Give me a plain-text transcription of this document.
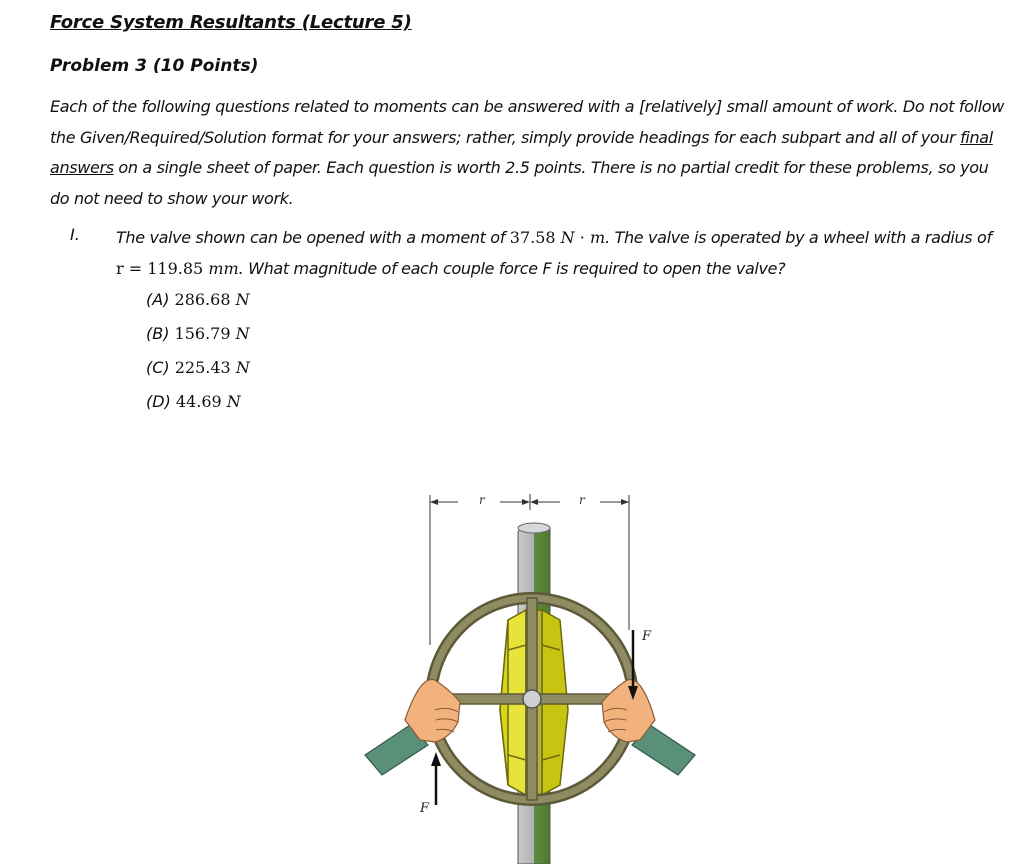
Force System Resultants (Lecture 5)
Problem 3 (10 Points)

Each of the following questions related to moments can be answered with a [relatively] small amount of work. Do not follow the Given/Required/Solution format for your answers; rather, simply provide headings for each subpart and all of your final answers on a single sheet of paper. Each question is worth 2.5 points. There is no partial credit for these problems, so you do not need to show your work.

I. The valve shown can be opened with a moment of 37.58 N · m. The valve is operated by a wheel with a radius of r = 119.85 mm. What magnitude of each couple force F is required to open the valve?

(A) 286.68 N
(B) 156.79 N
(C) 225.43 N
(D) 44.69 N
r	r
F
F
